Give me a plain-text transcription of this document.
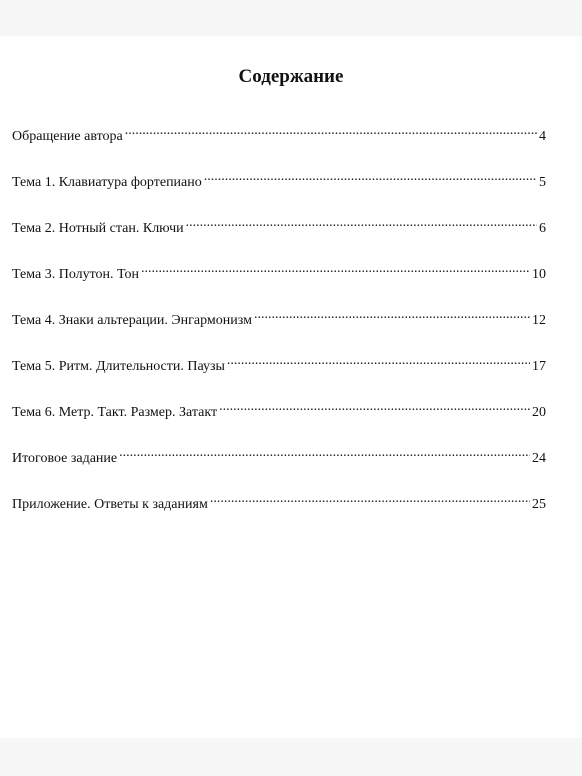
Содержание
Обращение автора .....	4
Тема 1. Клавиатура фортепиано .....	5
Тема 2. Нотный стан. Ключи .....	6
Тема 3. Полутон. Тон .....	10
Тема 4. Знаки альтерации. Энгармонизм .....	12
Тема 5. Ритм. Длительности. Паузы .....	17
Тема 6. Метр. Такт. Размер. Затакт .....	20
Итоговое задание .....	24
Приложение. Ответы к заданиям .....	25
